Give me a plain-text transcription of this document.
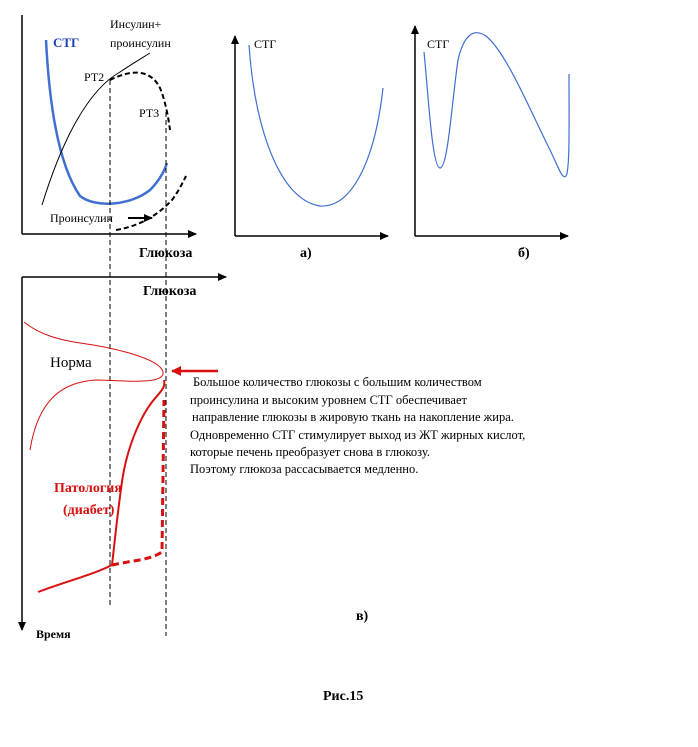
СТГ
Инсулин+
проинсулин
РТ2
РТ3
Проинсулин
Глюкоза
СТГ
а)
СТГ
б)
Глюкоза
Время
Норма
Патология
(диабет)
в)
Большое количество глюкозы с большим количеством
проинсулина и высоким уровнем СТГ обеспечивает
направление глюкозы в жировую ткань на накопление жира.
Одновременно СТГ стимулирует выход из ЖТ жирных кислот,
которые печень преобразует снова в глюкозу.
Поэтому глюкоза рассасывается медленно.
Рис.15
